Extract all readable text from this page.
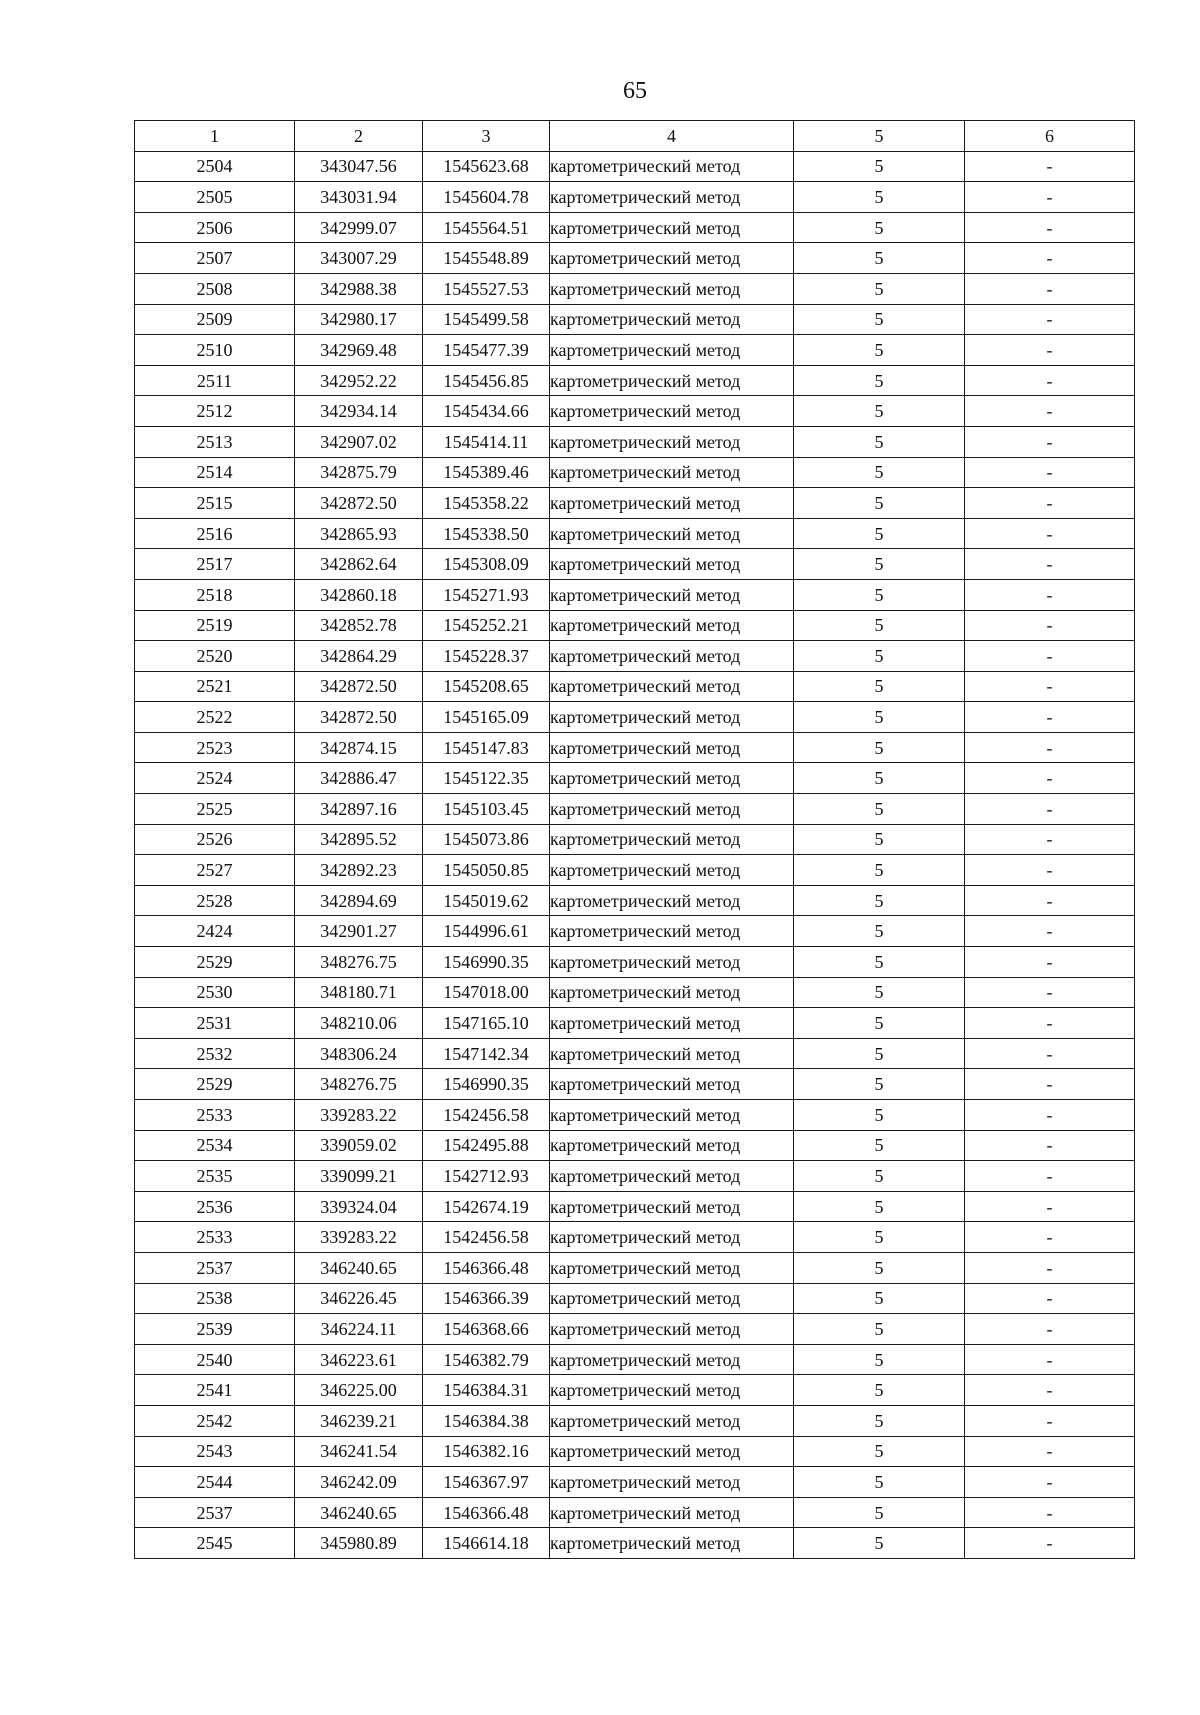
65
1	2	3	4	5	6
2504	343047.56	1545623.68	картометрический метод	5	-
2505	343031.94	1545604.78	картометрический метод	5	-
2506	342999.07	1545564.51	картометрический метод	5	-
2507	343007.29	1545548.89	картометрический метод	5	-
2508	342988.38	1545527.53	картометрический метод	5	-
2509	342980.17	1545499.58	картометрический метод	5	-
2510	342969.48	1545477.39	картометрический метод	5	-
2511	342952.22	1545456.85	картометрический метод	5	-
2512	342934.14	1545434.66	картометрический метод	5	-
2513	342907.02	1545414.11	картометрический метод	5	-
2514	342875.79	1545389.46	картометрический метод	5	-
2515	342872.50	1545358.22	картометрический метод	5	-
2516	342865.93	1545338.50	картометрический метод	5	-
2517	342862.64	1545308.09	картометрический метод	5	-
2518	342860.18	1545271.93	картометрический метод	5	-
2519	342852.78	1545252.21	картометрический метод	5	-
2520	342864.29	1545228.37	картометрический метод	5	-
2521	342872.50	1545208.65	картометрический метод	5	-
2522	342872.50	1545165.09	картометрический метод	5	-
2523	342874.15	1545147.83	картометрический метод	5	-
2524	342886.47	1545122.35	картометрический метод	5	-
2525	342897.16	1545103.45	картометрический метод	5	-
2526	342895.52	1545073.86	картометрический метод	5	-
2527	342892.23	1545050.85	картометрический метод	5	-
2528	342894.69	1545019.62	картометрический метод	5	-
2424	342901.27	1544996.61	картометрический метод	5	-
2529	348276.75	1546990.35	картометрический метод	5	-
2530	348180.71	1547018.00	картометрический метод	5	-
2531	348210.06	1547165.10	картометрический метод	5	-
2532	348306.24	1547142.34	картометрический метод	5	-
2529	348276.75	1546990.35	картометрический метод	5	-
2533	339283.22	1542456.58	картометрический метод	5	-
2534	339059.02	1542495.88	картометрический метод	5	-
2535	339099.21	1542712.93	картометрический метод	5	-
2536	339324.04	1542674.19	картометрический метод	5	-
2533	339283.22	1542456.58	картометрический метод	5	-
2537	346240.65	1546366.48	картометрический метод	5	-
2538	346226.45	1546366.39	картометрический метод	5	-
2539	346224.11	1546368.66	картометрический метод	5	-
2540	346223.61	1546382.79	картометрический метод	5	-
2541	346225.00	1546384.31	картометрический метод	5	-
2542	346239.21	1546384.38	картометрический метод	5	-
2543	346241.54	1546382.16	картометрический метод	5	-
2544	346242.09	1546367.97	картометрический метод	5	-
2537	346240.65	1546366.48	картометрический метод	5	-
2545	345980.89	1546614.18	картометрический метод	5	-
